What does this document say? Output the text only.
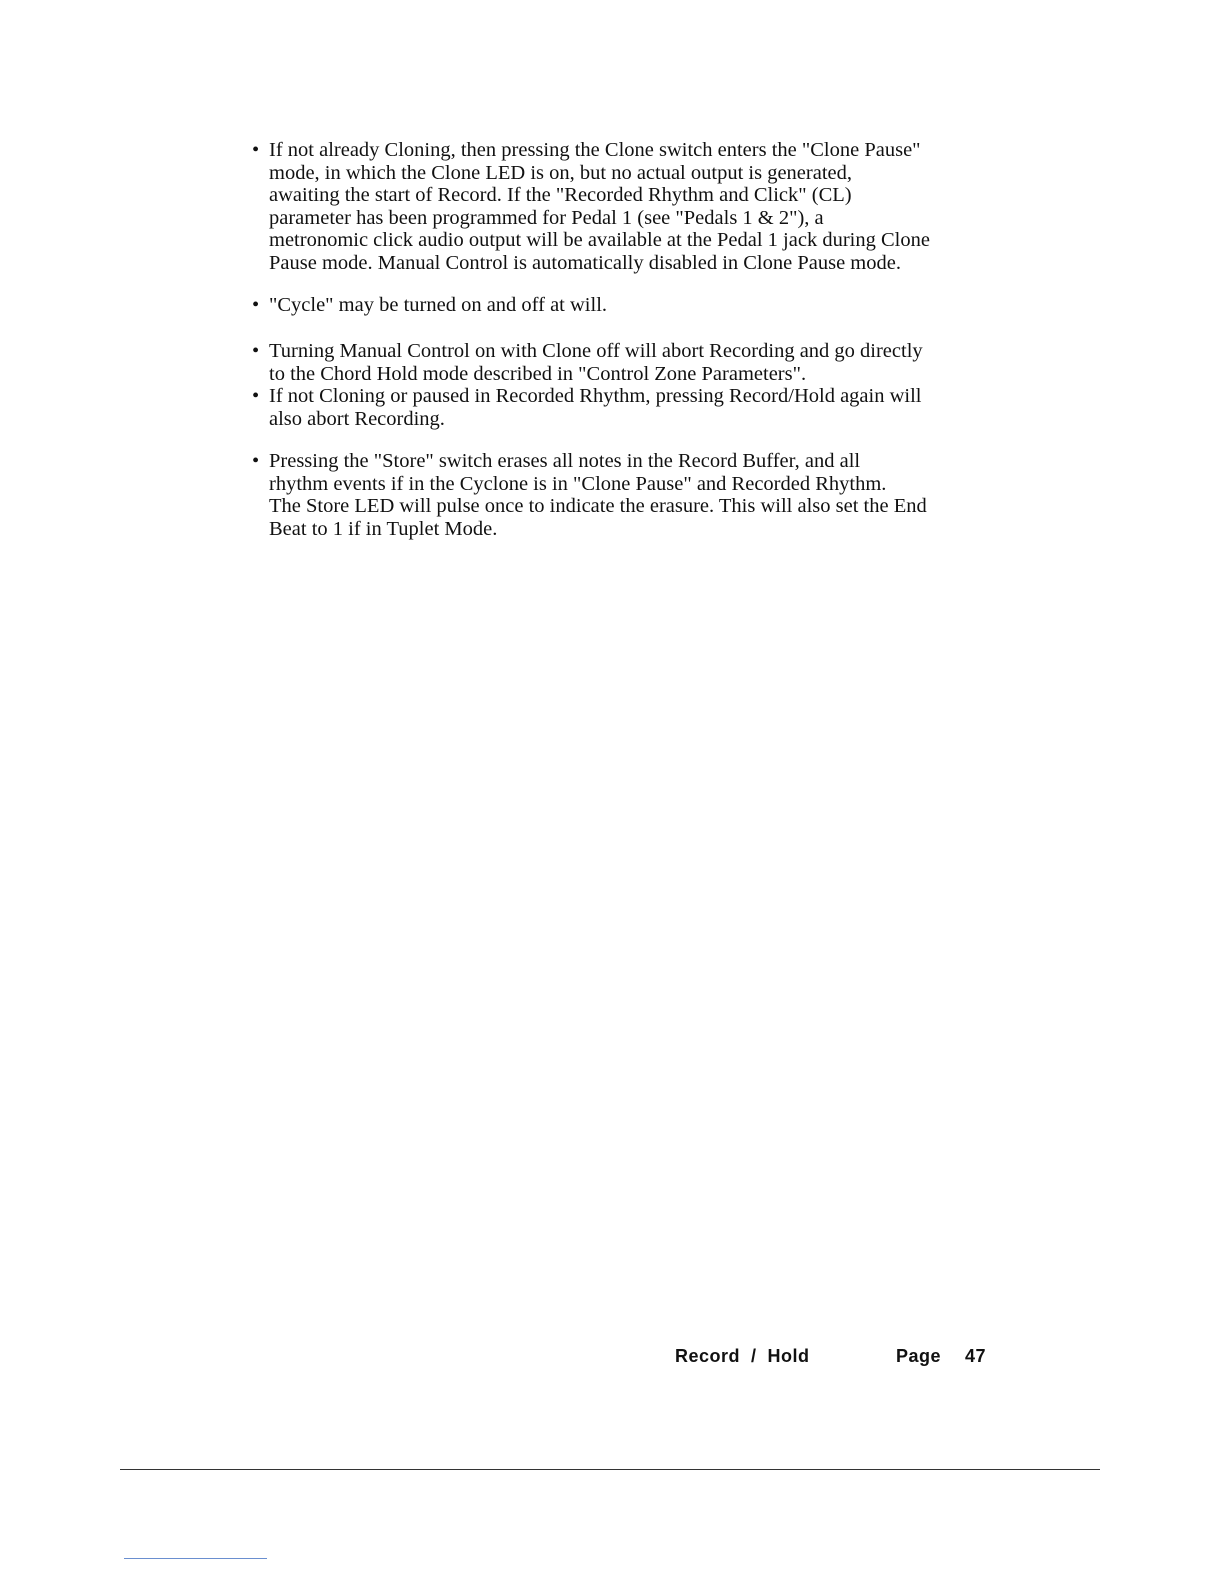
• If not already Cloning, then pressing the Clone switch enters the "Clone Pause"
mode, in which the Clone LED is on, but no actual output is generated,
awaiting the start of Record. If the "Recorded Rhythm and Click" (CL)
parameter has been programmed for Pedal 1 (see "Pedals 1 & 2"), a
metronomic click audio output will be available at the Pedal 1 jack during Clone
Pause mode. Manual Control is automatically disabled in Clone Pause mode.
• "Cycle" may be turned on and off at will.
• Turning Manual Control on with Clone off will abort Recording and go directly
to the Chord Hold mode described in "Control Zone Parameters".
• If not Cloning or paused in Recorded Rhythm, pressing Record/Hold again will
also abort Recording.
• Pressing the "Store" switch erases all notes in the Record Buffer, and all
rhythm events if in the Cyclone is in "Clone Pause" and Recorded Rhythm.
The Store LED will pulse once to indicate the erasure. This will also set the End
Beat to 1 if in Tuplet Mode.
Record  /  Hold	Page 47
